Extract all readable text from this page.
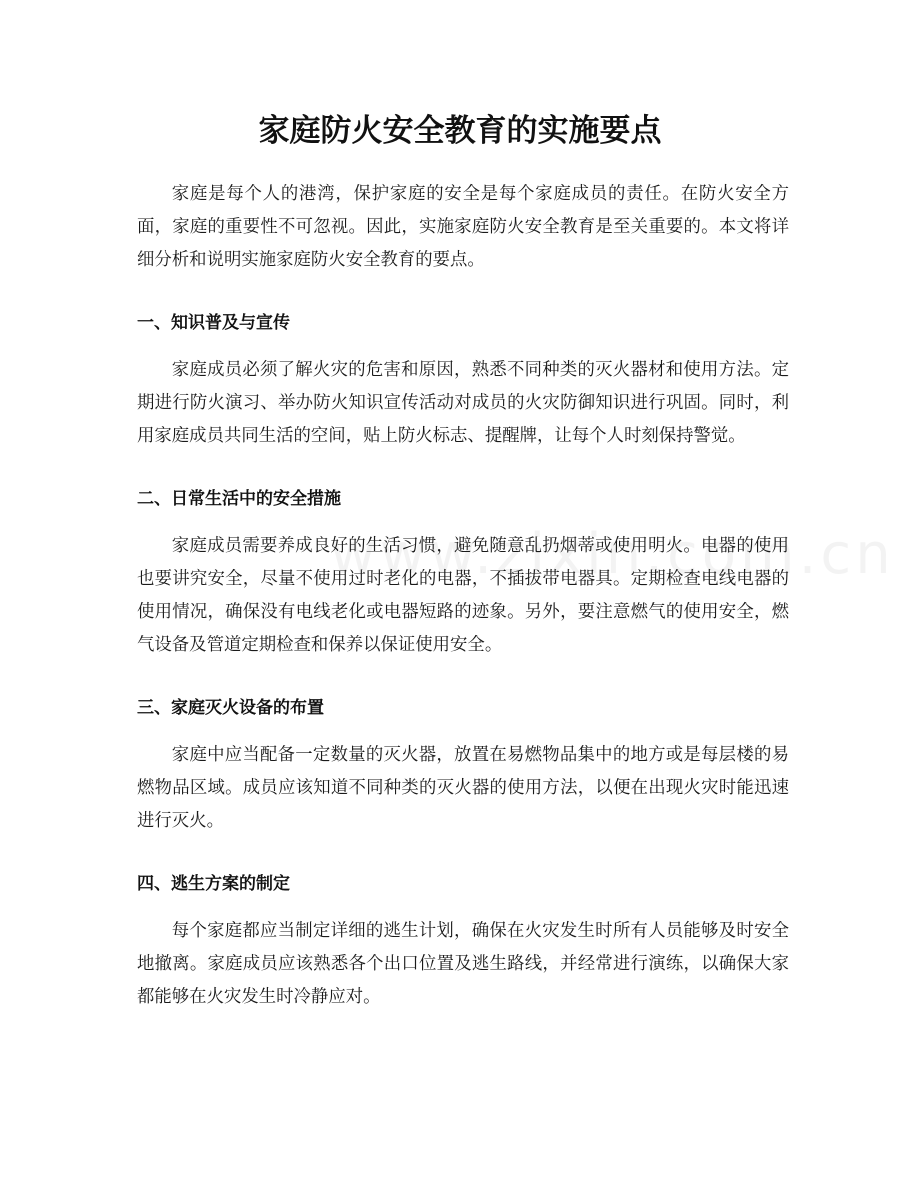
家庭防火安全教育的实施要点

家庭是每个人的港湾，保护家庭的安全是每个家庭成员的责任。在防火安全方面，家庭的重要性不可忽视。因此，实施家庭防火安全教育是至关重要的。本文将详细分析和说明实施家庭防火安全教育的要点。

一、知识普及与宣传

家庭成员必须了解火灾的危害和原因，熟悉不同种类的灭火器材和使用方法。定期进行防火演习、举办防火知识宣传活动对成员的火灾防御知识进行巩固。同时，利用家庭成员共同生活的空间，贴上防火标志、提醒牌，让每个人时刻保持警觉。

二、日常生活中的安全措施

家庭成员需要养成良好的生活习惯，避免随意乱扔烟蒂或使用明火。电器的使用也要讲究安全，尽量不使用过时老化的电器，不插拔带电器具。定期检查电线电器的使用情况，确保没有电线老化或电器短路的迹象。另外，要注意燃气的使用安全，燃气设备及管道定期检查和保养以保证使用安全。

三、家庭灭火设备的布置

家庭中应当配备一定数量的灭火器，放置在易燃物品集中的地方或是每层楼的易燃物品区域。成员应该知道不同种类的灭火器的使用方法，以便在出现火灾时能迅速进行灭火。

四、逃生方案的制定

每个家庭都应当制定详细的逃生计划，确保在火灾发生时所有人员能够及时安全地撤离。家庭成员应该熟悉各个出口位置及逃生路线，并经常进行演练，以确保大家都能够在火灾发生时冷静应对。
